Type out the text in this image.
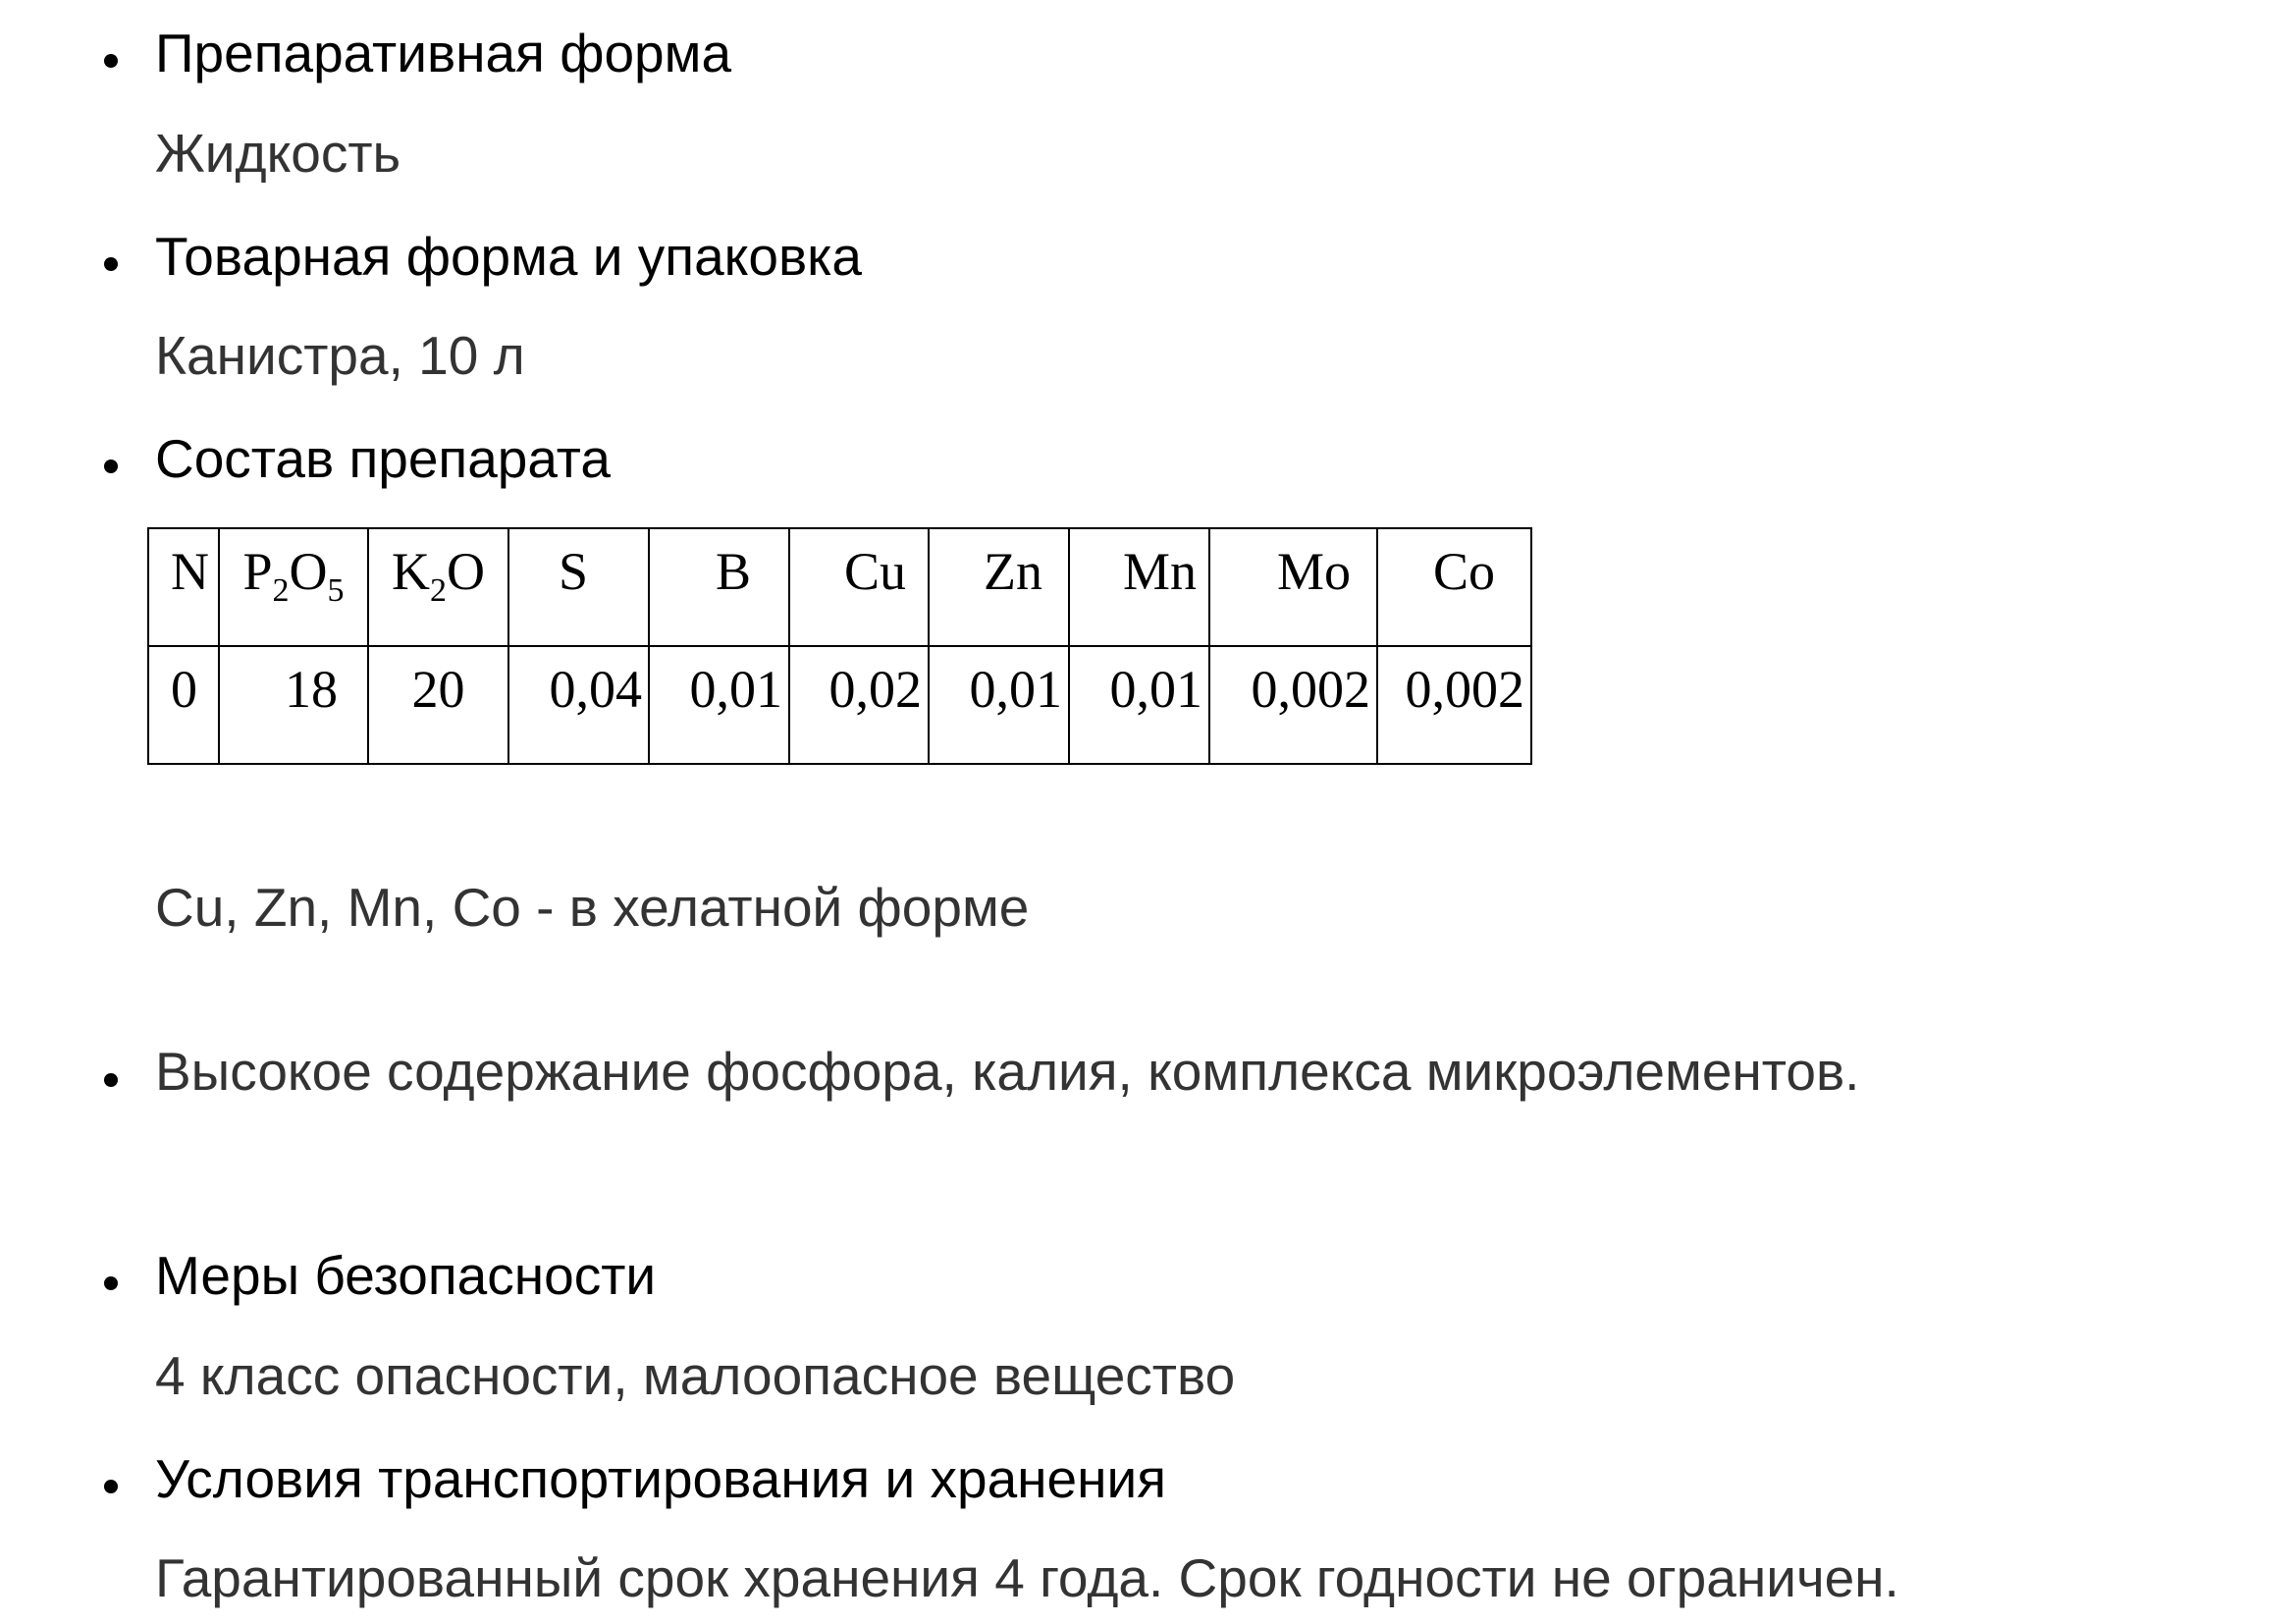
Препаративная форма
Жидкость
Товарная форма и упаковка
Канистра, 10 л
Состав препарата
N	$P_2O_5$	$K_2O$	S	B	Cu	Zn	Mn	Mo	Co
0	18	20	0,04	0,01	0,02	0,01	0,01	0,002	0,002
Cu, Zn, Mn, Co - в хелатной форме
Высокое содержание фосфора, калия, комплекса микроэлементов.
Меры безопасности
4 класс опасности, малоопасное вещество
Условия транспортирования и хранения
Гарантированный срок хранения 4 года. Срок годности не ограничен.
